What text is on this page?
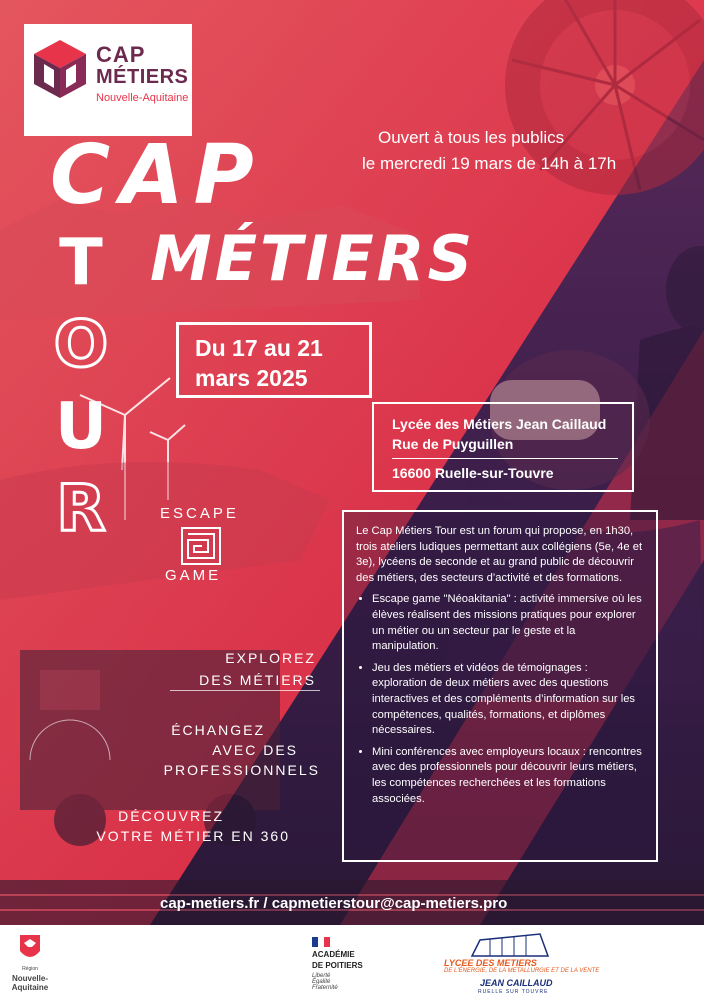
CAP
MÉTIERS
Nouvelle-Aquitaine
Ouvert à tous les publics
le mercredi 19 mars de 14h à 17h
CAP
MÉTIERS
T
O
U
R
Du 17 au 21
mars 2025
Lycée des Métiers Jean Caillaud
Rue de Puyguillen
16600 Ruelle-sur-Touvre
ESCAPE
GAME
EXPLOREZ
DES MÉTIERS
ÉCHANGEZ
AVEC DES
PROFESSIONNELS
DÉCOUVREZ
VOTRE MÉTIER EN 360

Le Cap Métiers Tour est un forum qui propose, en 1h30, trois ateliers ludiques permettant aux collégiens (5e, 4e et 3e), lycéens de seconde et au grand public de découvrir des métiers, des secteurs d’activité et des formations.

• Escape game "Néoakitania" : activité immersive où les élèves réalisent des missions pratiques pour explorer un métier ou un secteur par le geste et la manipulation.
• Jeu des métiers et vidéos de témoignages : exploration de deux métiers avec des questions interactives et des compléments d’information sur les compétences, qualités, formations, et diplômes nécessaires.
• Mini conférences avec employeurs locaux : rencontres avec des professionnels pour découvrir leurs métiers, les compétences recherchées et les formations associées.
cap-metiers.fr / capmetierstour@cap-metiers.pro
Région
Nouvelle-
Aquitaine
ACADÉMIE
DE POITIERS
Liberté
Égalité
Fraternité
LYCEE DES METIERS
DE L'ÉNERGIE, DE LA METALLURGIE ET DE LA VENTE
JEAN CAILLAUD
RUELLE SUR TOUVRE
